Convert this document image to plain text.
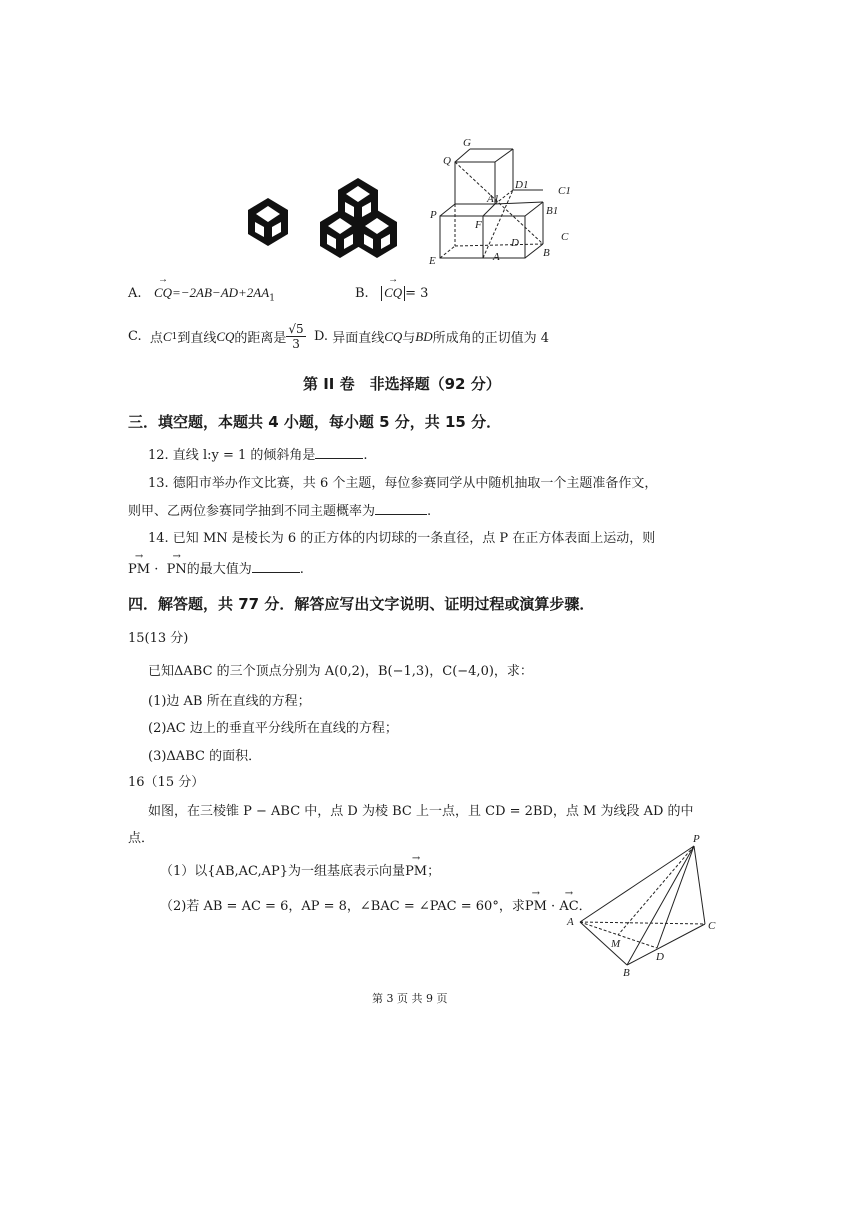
G
Q
D1	C1
A1
B1
P
F
D	C
E	A	B
A. → $CQ=-2AB-AD+2AA_1$	B. → CQ = 3
C.
点 C 1 到直线 CQ 的距离是 $\frac{√5}{3}$
D.
异面直线 CQ 与 BD 所成角的正切值为 4
第 II 卷　非选择题（92 分）
三．填空题，本题共 4 小题，每小题 5 分，共 15 分．
12. 直线 l:y = 1 的倾斜角是	.
13. 德阳市举办作文比赛，共 6 个主题，每位参赛同学从中随机抽取一个主题准备作文，
则甲、乙两位参赛同学抽到不同主题概率为	.
14. 已知 MN 是棱长为 6 的正方体的内切球的一条直径，点 P 在正方体表面上运动，则
→ PM · → PN的最大值为	.
四．解答题，共 77 分．解答应写出文字说明、证明过程或演算步骤．
15(13 分)
已知ΔABC 的三个顶点分别为 A(0,2)，B(−1,3)，C(−4,0)，求：
(1)边 AB 所在直线的方程；
(2)AC 边上的垂直平分线所在直线的方程；
(3)ΔABC 的面积．
16（15 分）
如图，在三棱锥 P − ABC 中，点 D 为棱 BC 上一点，且 CD = 2BD，点 M 为线段 AD 的中
点．
（1）以{AB,AC,AP}为一组基底表示向量→ PM；
（2)若 AB = AC = 6，AP = 8，∠BAC = ∠PAC = 60°，求→ PM · → AC．
P
A	C
M
D
B
第 3 页 共 9 页
